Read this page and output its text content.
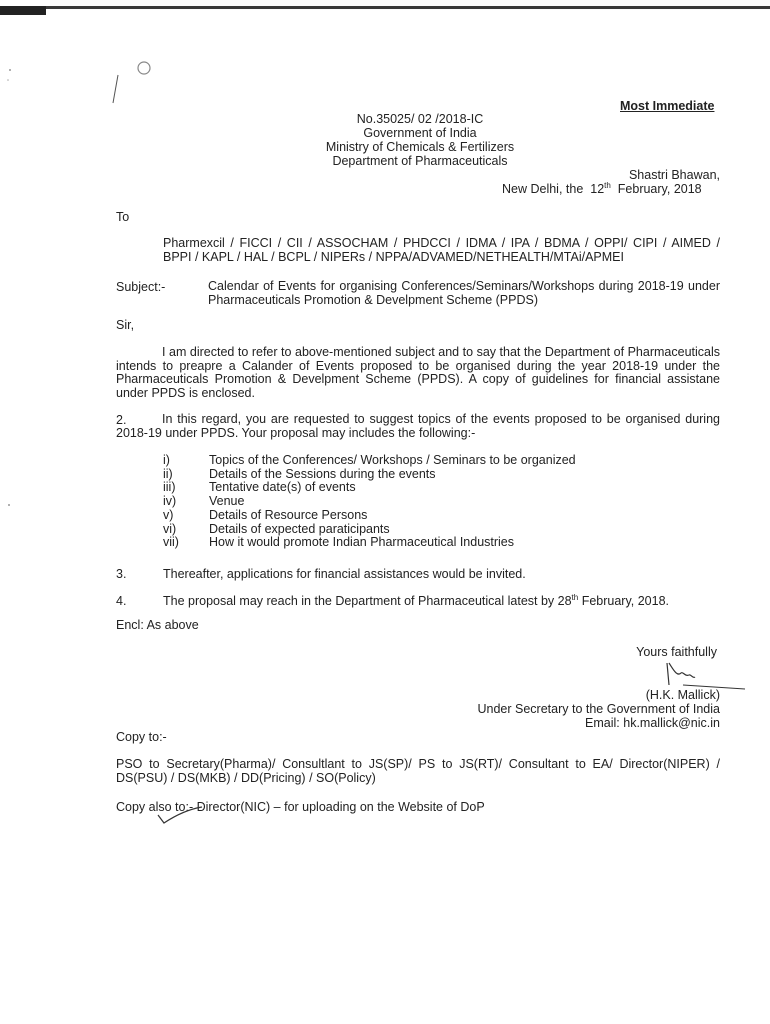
Most Immediate
No.35025/ 02 /2018-IC
Government of India
Ministry of Chemicals & Fertilizers
Department of Pharmaceuticals
Shastri Bhawan,
New Delhi, the 12th February, 2018
To
Pharmexcil / FICCI / CII / ASSOCHAM / PHDCCI / IDMA / IPA / BDMA / OPPI/ CIPI / AIMED /
BPPI / KAPL / HAL / BCPL / NIPERs / NPPA/ADVAMED/NETHEALTH/MTAi/APMEI
Subject:-	Calendar of Events for organising Conferences/Seminars/Workshops during 2018-19 under Pharmaceuticals Promotion & Develpment Scheme (PPDS)
Sir,
I am directed to refer to above-mentioned subject and to say that the Department of Pharmaceuticals intends to preapre a Calander of Events proposed to be organised during the year 2018-19 under the Pharmaceuticals Promotion & Develpment Scheme (PPDS). A copy of guidelines for financial assistane under PPDS is enclosed.
2.	In this regard, you are requested to suggest topics of the events proposed to be organised during 2018-19 under PPDS. Your proposal may includes the following:-
i)	Topics of the Conferences/ Workshops / Seminars to be organized
ii)	Details of the Sessions during the events
iii)	Tentative date(s) of events
iv)	Venue
v)	Details of Resource Persons
vi)	Details of expected paraticipants
vii)	How it would promote Indian Pharmaceutical Industries
3.	Thereafter, applications for financial assistances would be invited.
4.	The proposal may reach in the Department of Pharmaceutical latest by 28th February, 2018.
Encl: As above
Yours faithfully
(H.K. Mallick)
Under Secretary to the Government of India
Email: hk.mallick@nic.in
Copy to:-
PSO to Secretary(Pharma)/ Consultlant to JS(SP)/ PS to JS(RT)/ Consultant to EA/ Director(NIPER) /
DS(PSU) / DS(MKB) / DD(Pricing) / SO(Policy)
Copy also to:- Director(NIC) – for uploading on the Website of DoP
